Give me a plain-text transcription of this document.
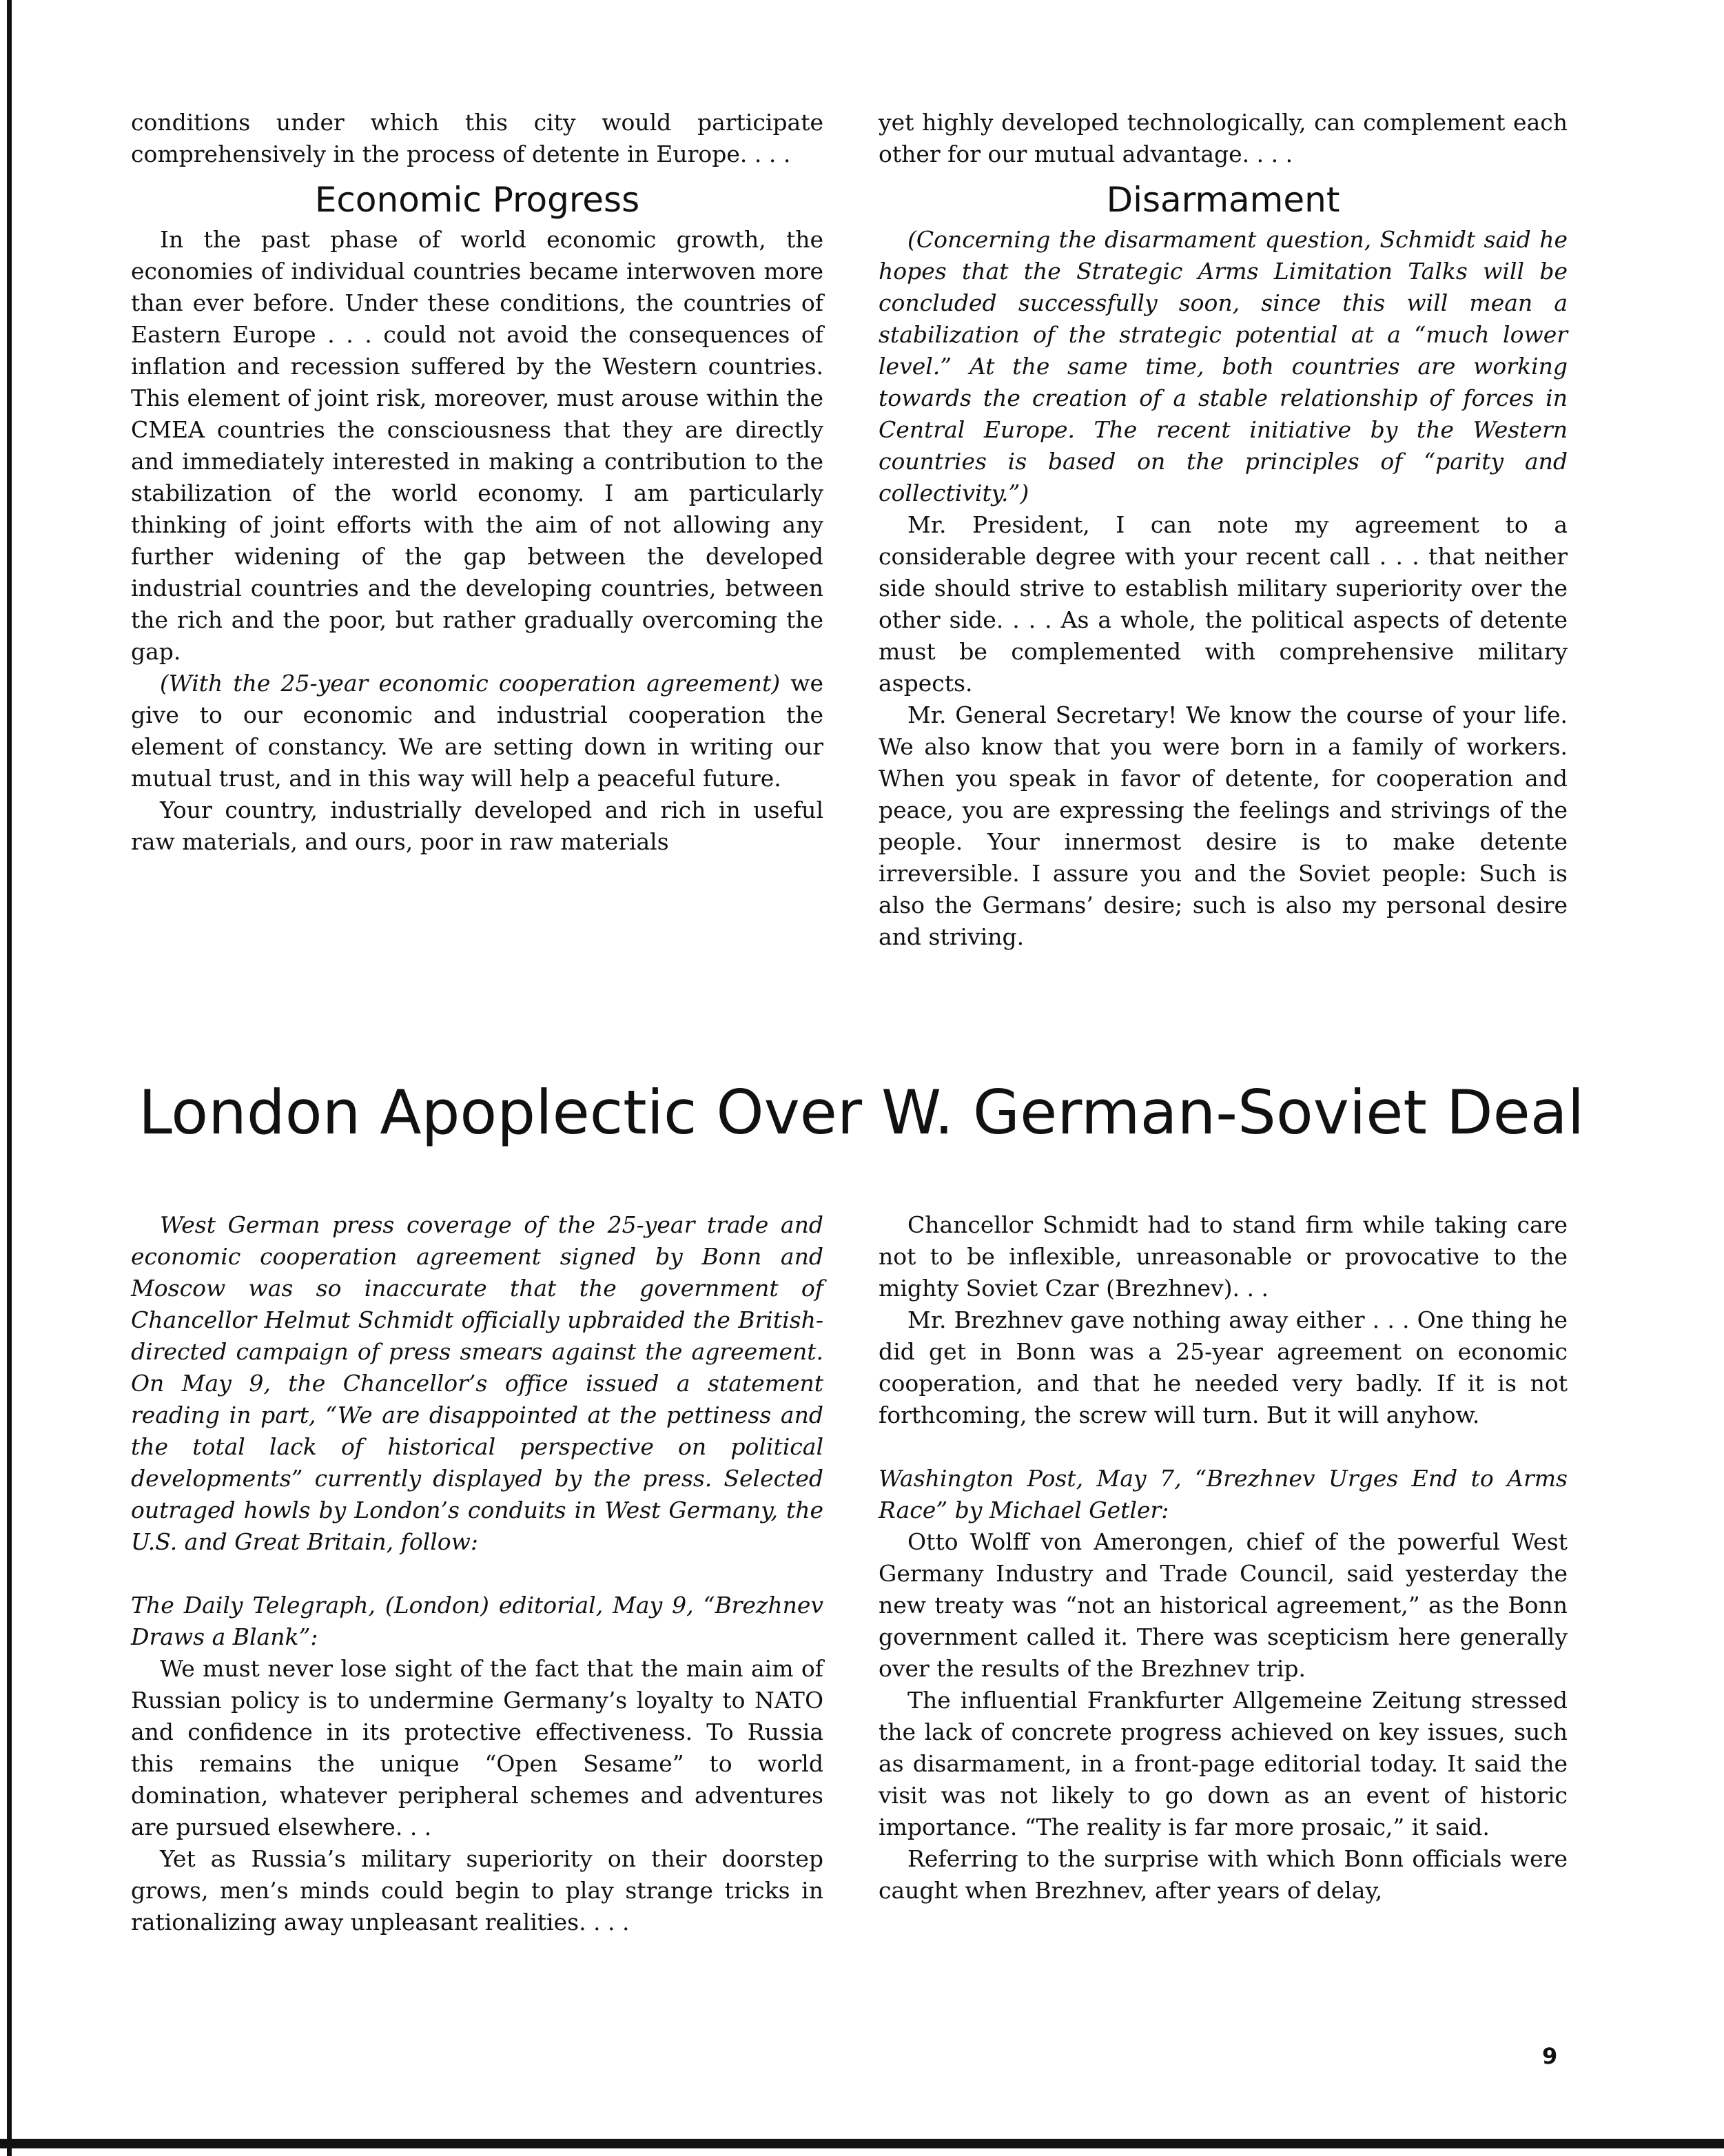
conditions under which this city would participate comprehensively in the process of detente in Europe. . . .

Economic Progress

In the past phase of world economic growth, the economies of individual countries became interwoven more than ever before. Under these conditions, the countries of Eastern Europe . . . could not avoid the consequences of inflation and recession suffered by the Western countries. This element of joint risk, moreover, must arouse within the CMEA countries the consciousness that they are directly and immediately interested in making a contribution to the stabilization of the world economy. I am particularly thinking of joint efforts with the aim of not allowing any further widening of the gap between the developed industrial countries and the developing countries, between the rich and the poor, but rather gradually overcoming the gap.

(With the 25-year economic cooperation agreement) we give to our economic and industrial cooperation the element of constancy. We are setting down in writing our mutual trust, and in this way will help a peaceful future.

Your country, industrially developed and rich in useful raw materials, and ours, poor in raw materials

yet highly developed technologically, can complement each other for our mutual advantage. . . .

Disarmament

(Concerning the disarmament question, Schmidt said he hopes that the Strategic Arms Limitation Talks will be concluded successfully soon, since this will mean a stabilization of the strategic potential at a “much lower level.” At the same time, both countries are working towards the creation of a stable relationship of forces in Central Europe. The recent initiative by the Western countries is based on the principles of “parity and collectivity.”)

Mr. President, I can note my agreement to a considerable degree with your recent call . . . that neither side should strive to establish military superiority over the other side. . . . As a whole, the political aspects of detente must be complemented with comprehensive military aspects.

Mr. General Secretary! We know the course of your life. We also know that you were born in a family of workers. When you speak in favor of detente, for cooperation and peace, you are expressing the feelings and strivings of the people. Your innermost desire is to make detente irreversible. I assure you and the Soviet people: Such is also the Germans’ desire; such is also my personal desire and striving.

London Apoplectic Over W. German-Soviet Deal

West German press coverage of the 25-year trade and economic cooperation agreement signed by Bonn and Moscow was so inaccurate that the government of Chancellor Helmut Schmidt officially upbraided the British-directed campaign of press smears against the agreement. On May 9, the Chancellor’s office issued a statement reading in part, “We are disappointed at the pettiness and the total lack of historical perspective on political developments” currently displayed by the press. Selected outraged howls by London’s conduits in West Germany, the U.S. and Great Britain, follow:

The Daily Telegraph, (London) editorial, May 9, “Brezhnev Draws a Blank”:

We must never lose sight of the fact that the main aim of Russian policy is to undermine Germany’s loyalty to NATO and confidence in its protective effectiveness. To Russia this remains the unique “Open Sesame” to world domination, whatever peripheral schemes and adventures are pursued elsewhere. . .

Yet as Russia’s military superiority on their doorstep grows, men’s minds could begin to play strange tricks in rationalizing away unpleasant realities. . . .

Chancellor Schmidt had to stand firm while taking care not to be inflexible, unreasonable or provocative to the mighty Soviet Czar (Brezhnev). . .

Mr. Brezhnev gave nothing away either . . . One thing he did get in Bonn was a 25-year agreement on economic cooperation, and that he needed very badly. If it is not forthcoming, the screw will turn. But it will anyhow.

Washington Post, May 7, “Brezhnev Urges End to Arms Race” by Michael Getler:

Otto Wolff von Amerongen, chief of the powerful West Germany Industry and Trade Council, said yesterday the new treaty was “not an historical agreement,” as the Bonn government called it. There was scepticism here generally over the results of the Brezhnev trip.

The influential Frankfurter Allgemeine Zeitung stressed the lack of concrete progress achieved on key issues, such as disarmament, in a front-page editorial today. It said the visit was not likely to go down as an event of historic importance. “The reality is far more prosaic,” it said.

Referring to the surprise with which Bonn officials were caught when Brezhnev, after years of delay,

9
